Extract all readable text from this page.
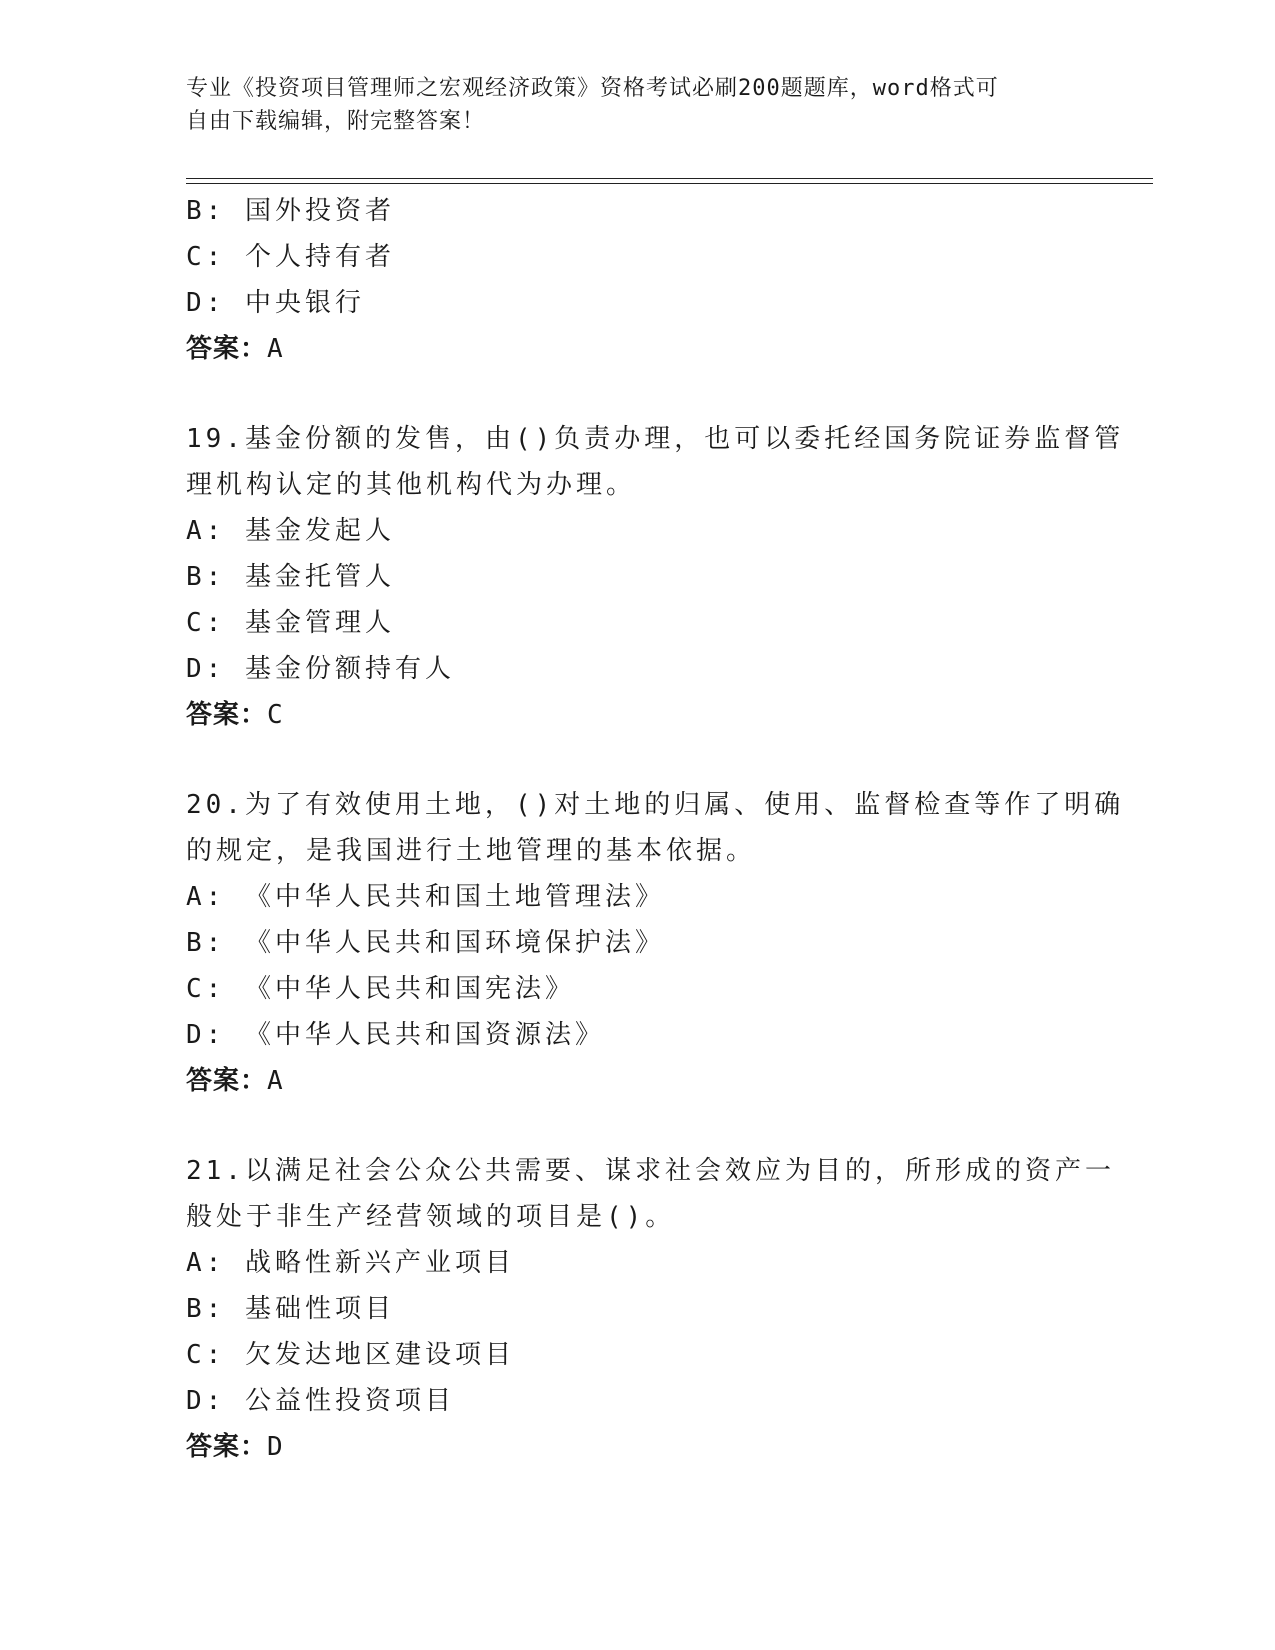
专业《投资项目管理师之宏观经济政策》资格考试必刷200题题库，word格式可
自由下载编辑，附完整答案！
B: 国外投资者
C: 个人持有者
D: 中央银行
答案：A
19.基金份额的发售，由()负责办理，也可以委托经国务院证券监督管
理机构认定的其他机构代为办理。
A: 基金发起人
B: 基金托管人
C: 基金管理人
D: 基金份额持有人
答案：C
20.为了有效使用土地，()对土地的归属、使用、监督检查等作了明确
的规定，是我国进行土地管理的基本依据。
A: 《中华人民共和国土地管理法》
B: 《中华人民共和国环境保护法》
C: 《中华人民共和国宪法》
D: 《中华人民共和国资源法》
答案：A
21.以满足社会公众公共需要、谋求社会效应为目的，所形成的资产一
般处于非生产经营领域的项目是()。
A: 战略性新兴产业项目
B: 基础性项目
C: 欠发达地区建设项目
D: 公益性投资项目
答案：D
